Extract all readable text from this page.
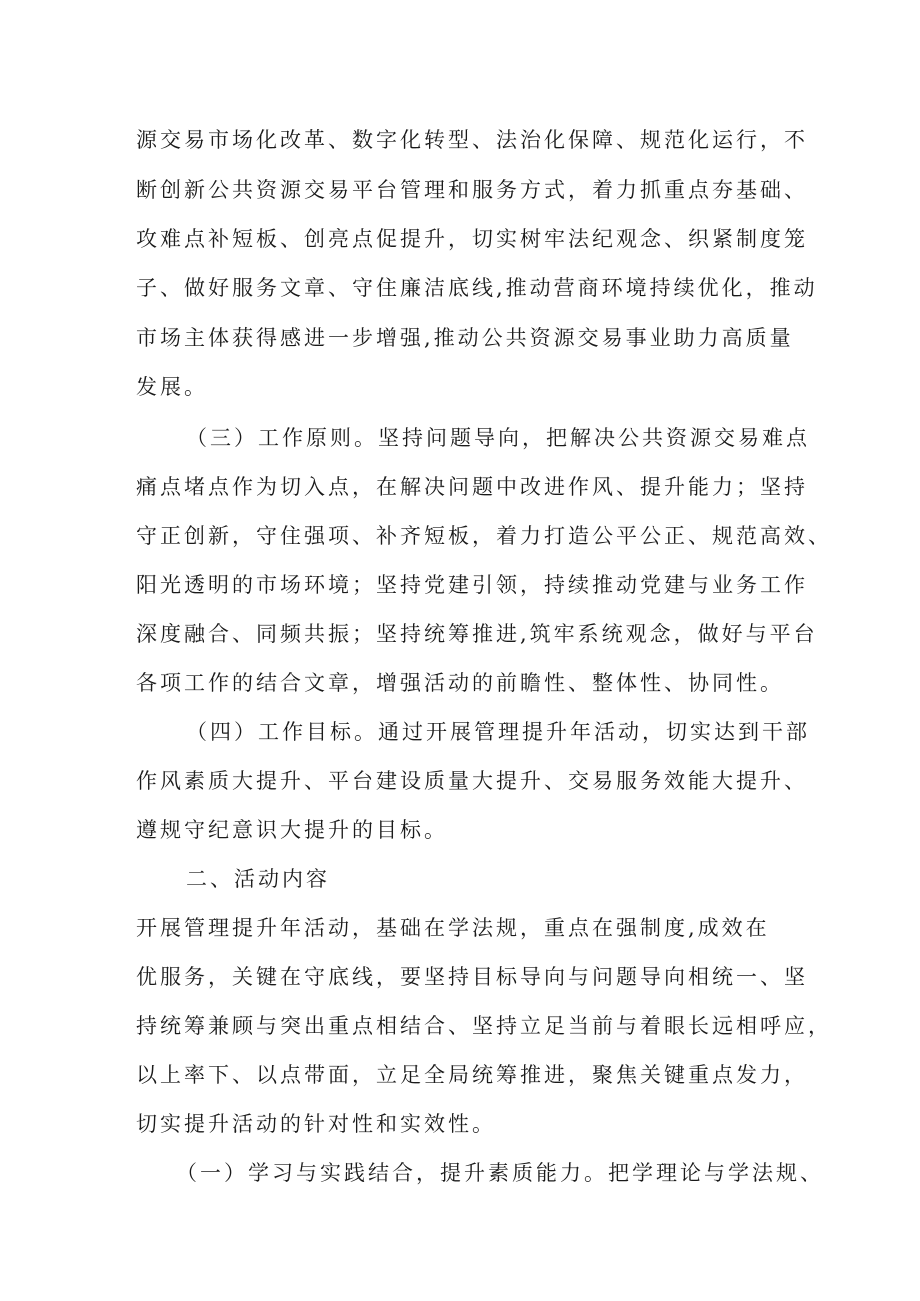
源交易市场化改革、数字化转型、法治化保障、规范化运行，不
断创新公共资源交易平台管理和服务方式，着力抓重点夯基础、
攻难点补短板、创亮点促提升，切实树牢法纪观念、织紧制度笼
子、做好服务文章、守住廉洁底线,推动营商环境持续优化，推动
市场主体获得感进一步增强,推动公共资源交易事业助力高质量
发展。
（三）工作原则。坚持问题导向，把解决公共资源交易难点
痛点堵点作为切入点，在解决问题中改进作风、提升能力；坚持
守正创新，守住强项、补齐短板，着力打造公平公正、规范高效、
阳光透明的市场环境；坚持党建引领，持续推动党建与业务工作
深度融合、同频共振；坚持统筹推进,筑牢系统观念，做好与平台
各项工作的结合文章，增强活动的前瞻性、整体性、协同性。
（四）工作目标。通过开展管理提升年活动，切实达到干部
作风素质大提升、平台建设质量大提升、交易服务效能大提升、
遵规守纪意识大提升的目标。
二、活动内容
开展管理提升年活动，基础在学法规，重点在强制度,成效在
优服务，关键在守底线，要坚持目标导向与问题导向相统一、坚
持统筹兼顾与突出重点相结合、坚持立足当前与着眼长远相呼应，
以上率下、以点带面，立足全局统筹推进，聚焦关键重点发力，
切实提升活动的针对性和实效性。
（一）学习与实践结合，提升素质能力。把学理论与学法规、
